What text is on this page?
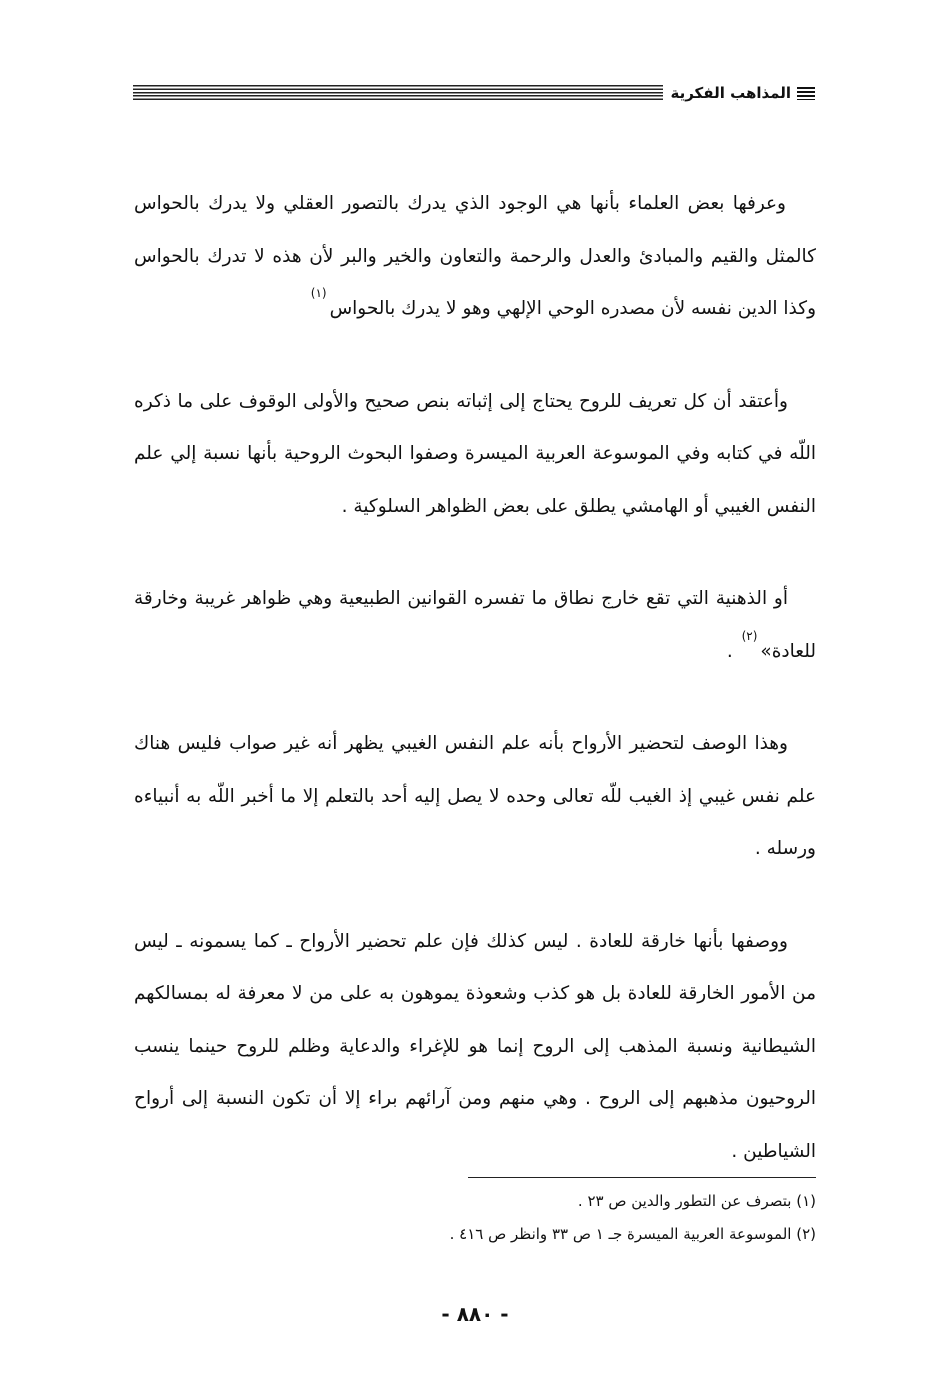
المذاهب الفكرية

وعرفها بعض العلماء بأنها هي الوجود الذي يدرك بالتصور العقلي ولا يدرك بالحواس كالمثل والقيم والمبادئ والعدل والرحمة والتعاون والخير والبر لأن هذه لا تدرك بالحواس وكذا الدين نفسه لأن مصدره الوحي الإلهي وهو لا يدرك بالحواس$^{(١)}$

وأعتقد أن كل تعريف للروح يحتاج إلى إثباته بنص صحيح والأولى الوقوف على ما ذكره اللّه في كتابه وفي الموسوعة العربية الميسرة وصفوا البحوث الروحية بأنها نسبة إلي علم النفس الغيبي أو الهامشي يطلق على بعض الظواهر السلوكية .

أو الذهنية التي تقع خارج نطاق ما تفسره القوانين الطبيعية وهي ظواهر غريبة وخارقة للعادة»$^{(٢)}$ .

وهذا الوصف لتحضير الأرواح بأنه علم النفس الغيبي يظهر أنه غير صواب فليس هناك علم نفس غيبي إذ الغيب للّه تعالى وحده لا يصل إليه أحد بالتعلم إلا ما أخبر اللّه به أنبياءه ورسله .

ووصفها بأنها خارقة للعادة . ليس كذلك فإن علم تحضير الأرواح ـ كما يسمونه ـ ليس من الأمور الخارقة للعادة بل هو كذب وشعوذة يموهون به على من لا معرفة له بمسالكهم الشيطانية ونسبة المذهب إلى الروح إنما هو للإغراء والدعاية وظلم للروح حينما ينسب الروحيون مذهبهم إلى الروح . وهي منهم ومن آرائهم براء إلا أن تكون النسبة إلى أرواح الشياطين .

(١) بتصرف عن التطور والدين ص ٢٣ .

(٢) الموسوعة العربية الميسرة جـ ١ ص ٣٣ وانظر ص ٤١٦ .

- ٨٨٠ -
